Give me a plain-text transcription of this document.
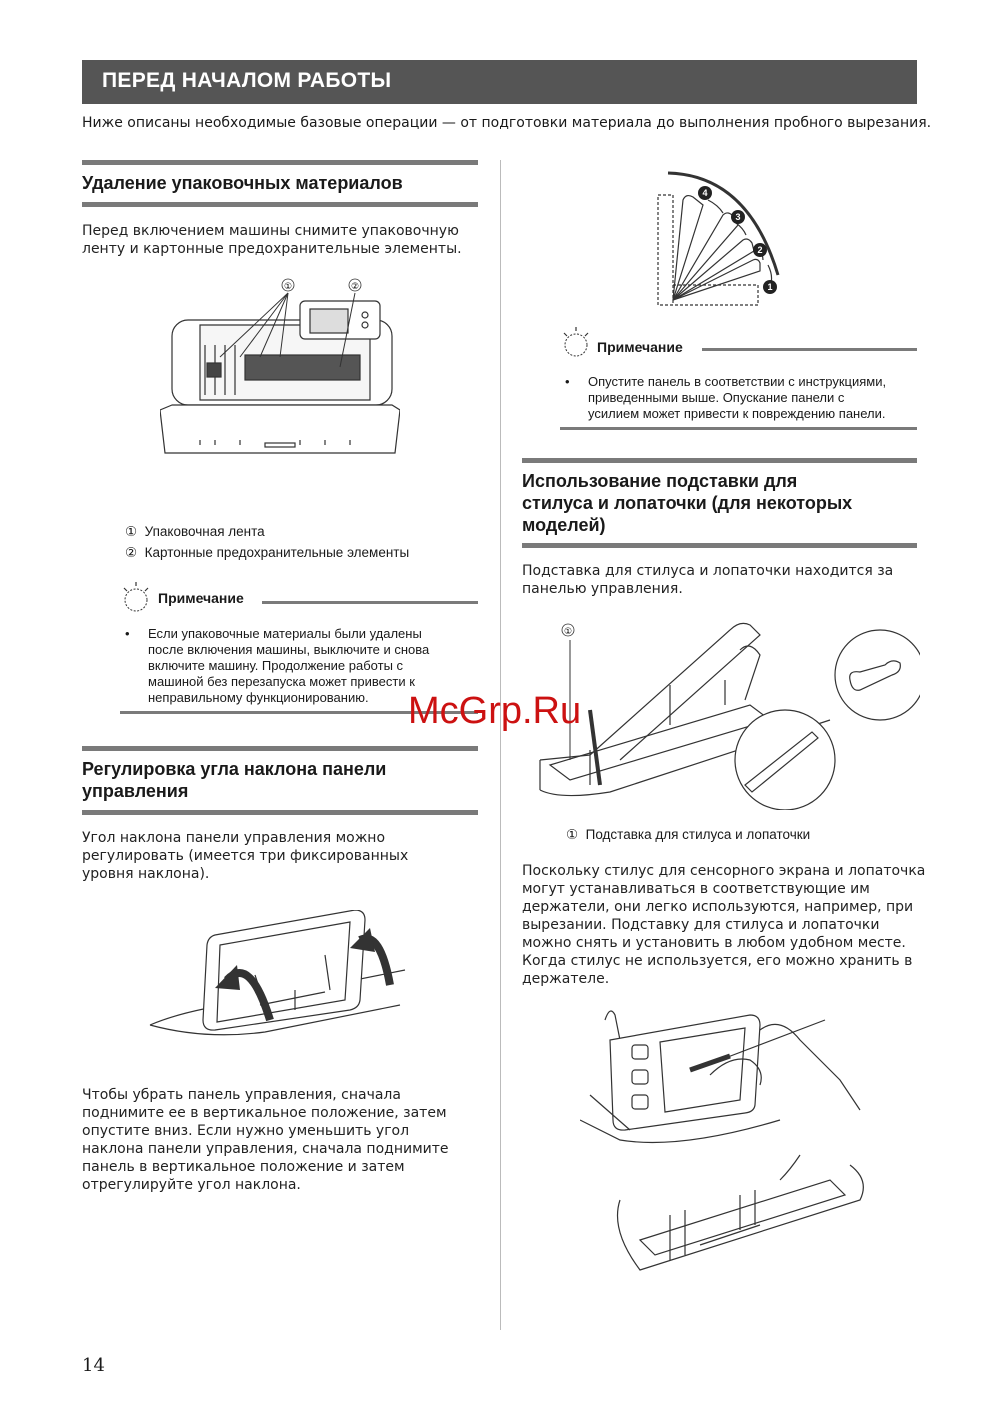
ПЕРЕД НАЧАЛОМ РАБОТЫ
Ниже описаны необходимые базовые операции — от подготовки материала до выполнения пробного вырезания.
Удаление упаковочных материалов
Перед включением машины снимите упаковочную
ленту и картонные предохранительные элементы.
①	②
① Упаковочная лента
② Картонные предохранительные элементы
Примечание
• Если упаковочные материалы были удалены
после включения машины, выключите и снова
включите машину. Продолжение работы с
машиной без перезапуска может привести к
неправильному функционированию.
Регулировка угла наклона панели
управления
Угол наклона панели управления можно
регулировать (имеется три фиксированных
уровня наклона).
Чтобы убрать панель управления, сначала
поднимите ее в вертикальное положение, затем
опустите вниз. Если нужно уменьшить угол
наклона панели управления, сначала поднимите
панель в вертикальное положение и затем
отрегулируйте угол наклона.
4
3
2
1
Примечание
• Опустите панель в соответствии с инструкциями,
приведенными выше. Опускание панели с
усилием может привести к повреждению панели.
Использование подставки для
стилуса и лопаточки (для некоторых
моделей)
Подставка для стилуса и лопаточки находится за
панелью управления.
①
① Подставка для стилуса и лопаточки
Поскольку стилус для сенсорного экрана и лопаточка
могут устанавливаться в соответствующие им
держатели, они легко используются, например, при
вырезании. Подставку для стилуса и лопаточки
можно снять и установить в любом удобном месте.
Когда стилус не используется, его можно хранить в
держателе.
14
McGrp.Ru
